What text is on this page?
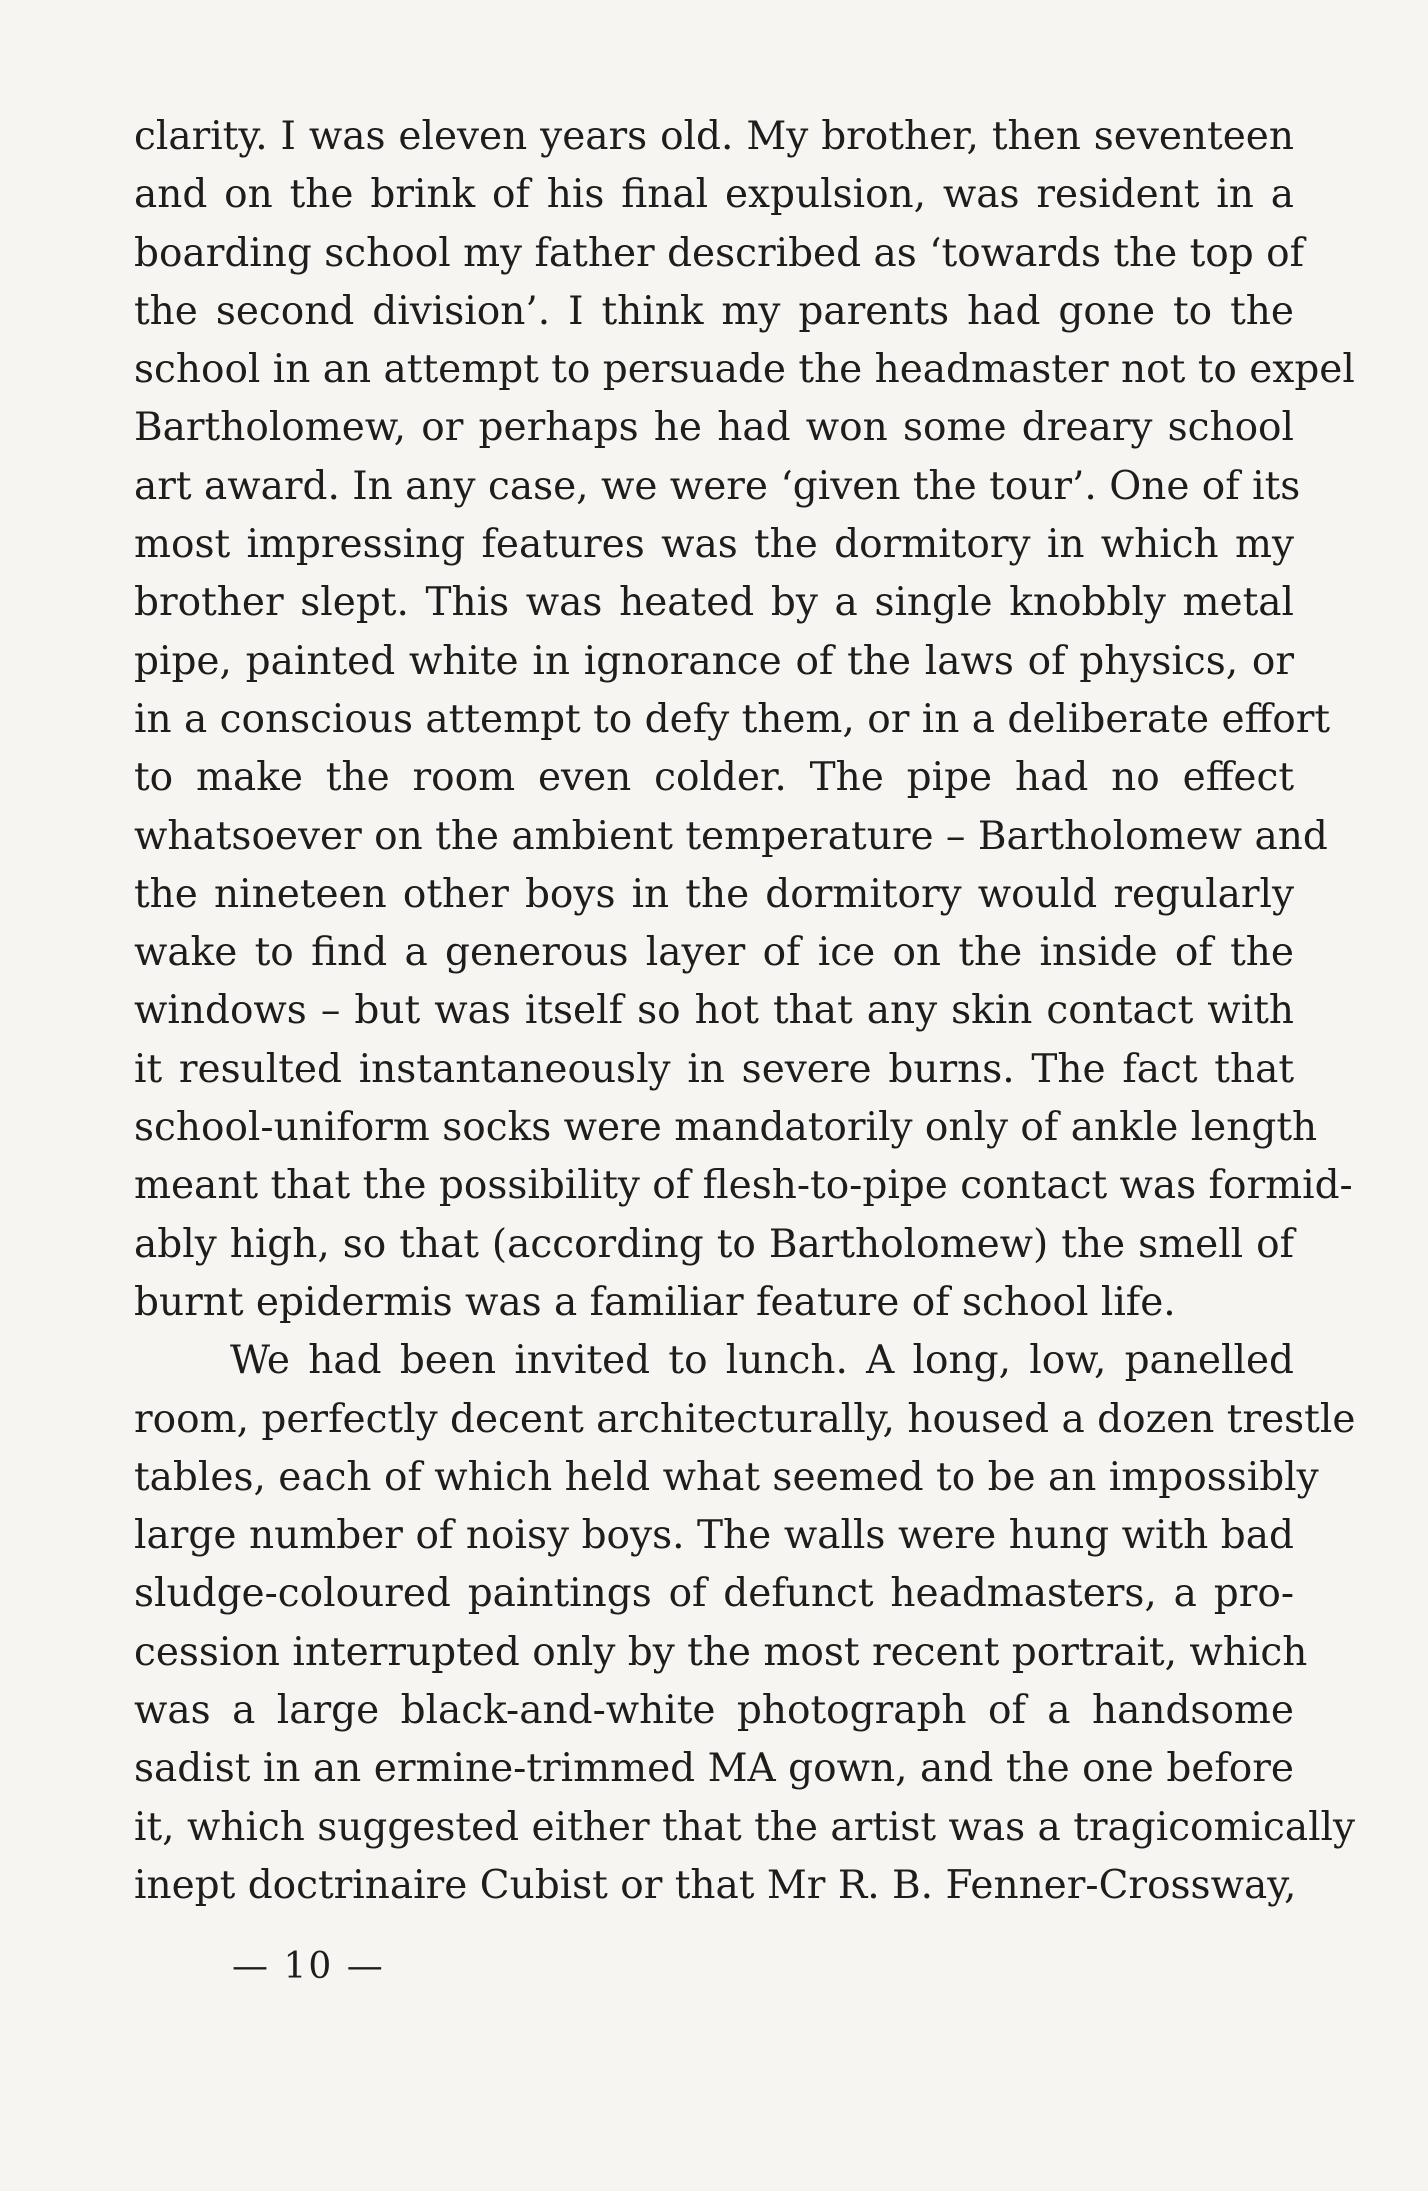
clarity. I was eleven years old. My brother, then seventeen
and on the brink of his final expulsion, was resident in a
boarding school my father described as ‘towards the top of
the second division’. I think my parents had gone to the
school in an attempt to persuade the headmaster not to expel
Bartholomew, or perhaps he had won some dreary school
art award. In any case, we were ‘given the tour’. One of its
most impressing features was the dormitory in which my
brother slept. This was heated by a single knobbly metal
pipe, painted white in ignorance of the laws of physics, or
in a conscious attempt to defy them, or in a deliberate effort
to make the room even colder. The pipe had no effect
whatsoever on the ambient temperature – Bartholomew and
the nineteen other boys in the dormitory would regularly
wake to find a generous layer of ice on the inside of the
windows – but was itself so hot that any skin contact with
it resulted instantaneously in severe burns. The fact that
school-uniform socks were mandatorily only of ankle length
meant that the possibility of flesh-to-pipe contact was formid-
ably high, so that (according to Bartholomew) the smell of
burnt epidermis was a familiar feature of school life.
We had been invited to lunch. A long, low, panelled
room, perfectly decent architecturally, housed a dozen trestle
tables, each of which held what seemed to be an impossibly
large number of noisy boys. The walls were hung with bad
sludge-coloured paintings of defunct headmasters, a pro-
cession interrupted only by the most recent portrait, which
was a large black-and-white photograph of a handsome
sadist in an ermine-trimmed MA gown, and the one before
it, which suggested either that the artist was a tragicomically
inept doctrinaire Cubist or that Mr R. B. Fenner-Crossway,
— 10 —
